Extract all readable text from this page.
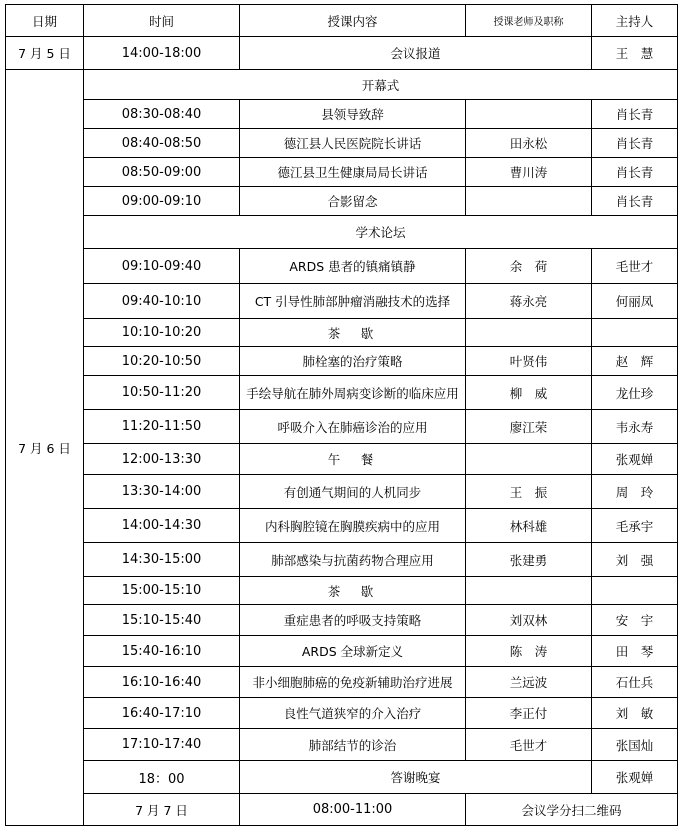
日期	时间	授课内容	授课老师及职称	主持人	
7 月 5 日	14:00-18:00	会议报道		王　慧	
7 月 6 日	开幕式				
	08:30-08:40	县领导致辞		肖长青	
	08:40-08:50	德江县人民医院院长讲话	田永松	肖长青	
	08:50-09:00	德江县卫生健康局局长讲话	曹川涛	肖长青	
	09:00-09:10	合影留念		肖长青	
	学术论坛				
	09:10-09:40	ARDS 患者的镇痛镇静	余　荷	毛世才	
	09:40-10:10	CT 引导性肺部肿瘤消融技术的选择	蒋永亮	何丽凤	
	10:10-10:20	茶　歇			
	10:20-10:50	肺栓塞的治疗策略	叶贤伟	赵　辉	
	10:50-11:20	手绘导航在肺外周病变诊断的临床应用	柳　威	龙仕珍	
	11:20-11:50	呼吸介入在肺癌诊治的应用	廖江荣	韦永寿	
	12:00-13:30	午　餐		张观婵	
	13:30-14:00	有创通气期间的人机同步	王　振	周　玲	
	14:00-14:30	内科胸腔镜在胸膜疾病中的应用	林科雄	毛承宇	
	14:30-15:00	肺部感染与抗菌药物合理应用	张建勇	刘　强	
	15:00-15:10	茶　歇			
	15:10-15:40	重症患者的呼吸支持策略	刘双林	安　宇	
	15:40-16:10	ARDS 全球新定义	陈　涛	田　琴	
	16:10-16:40	非小细胞肺癌的免疫新辅助治疗进展	兰远波	石仕兵	
	16:40-17:10	良性气道狭窄的介入治疗	李正付	刘　敏	
	17:10-17:40	肺部结节的诊治	毛世才	张国灿	
	18：00	答谢晚宴		张观婵	
	7 月 7 日	08:00-11:00	会议学分扫二维码	
